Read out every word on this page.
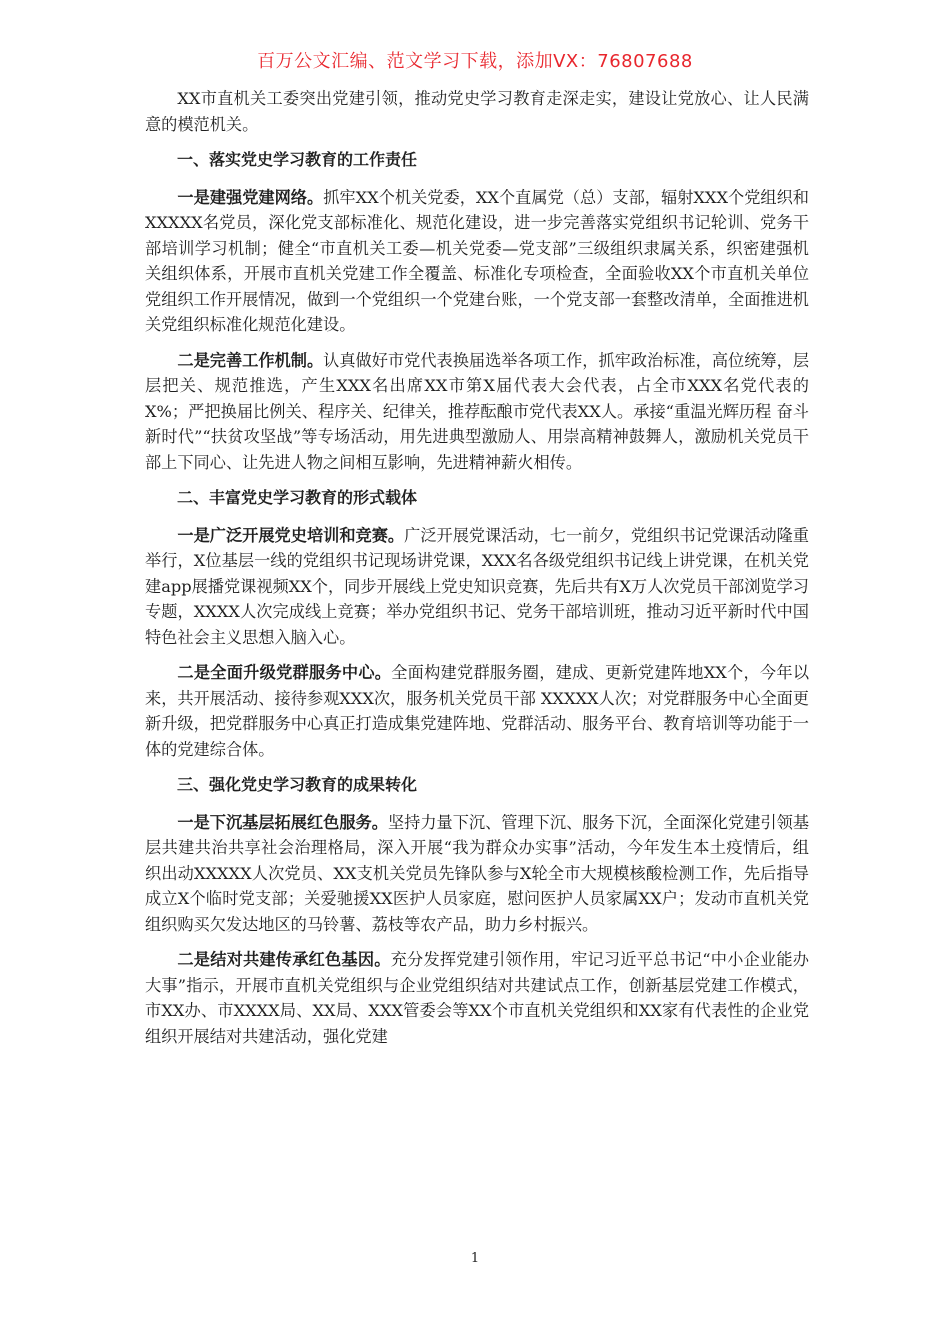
百万公文汇编、范文学习下载，添加VX：76807688

XX市直机关工委突出党建引领，推动党史学习教育走深走实，建设让党放心、让人民满意的模范机关。

一、落实党史学习教育的工作责任

一是建强党建网络。抓牢XX个机关党委，XX个直属党（总）支部，辐射XXX个党组织和XXXXX名党员，深化党支部标准化、规范化建设，进一步完善落实党组织书记轮训、党务干部培训学习机制；健全“市直机关工委—机关党委—党支部”三级组织隶属关系，织密建强机关组织体系，开展市直机关党建工作全覆盖、标准化专项检查，全面验收XX个市直机关单位党组织工作开展情况，做到一个党组织一个党建台账，一个党支部一套整改清单，全面推进机关党组织标准化规范化建设。

二是完善工作机制。认真做好市党代表换届选举各项工作，抓牢政治标准，高位统筹，层层把关、规范推选，产生XXX名出席XX市第X届代表大会代表，占全市XXX名党代表的X%；严把换届比例关、程序关、纪律关，推荐酝酿市党代表XX人。承接“重温光辉历程 奋斗新时代”“扶贫攻坚战”等专场活动，用先进典型激励人、用崇高精神鼓舞人，激励机关党员干部上下同心、让先进人物之间相互影响，先进精神薪火相传。

二、丰富党史学习教育的形式载体

一是广泛开展党史培训和竞赛。广泛开展党课活动，七一前夕，党组织书记党课活动隆重举行，X位基层一线的党组织书记现场讲党课，XXX名各级党组织书记线上讲党课，在机关党建app展播党课视频XX个，同步开展线上党史知识竞赛，先后共有X万人次党员干部浏览学习专题，XXXX人次完成线上竞赛；举办党组织书记、党务干部培训班，推动习近平新时代中国特色社会主义思想入脑入心。

二是全面升级党群服务中心。全面构建党群服务圈，建成、更新党建阵地XX个，今年以来，共开展活动、接待参观XXX次，服务机关党员干部 XXXXX人次；对党群服务中心全面更新升级，把党群服务中心真正打造成集党建阵地、党群活动、服务平台、教育培训等功能于一体的党建综合体。

三、强化党史学习教育的成果转化

一是下沉基层拓展红色服务。坚持力量下沉、管理下沉、服务下沉，全面深化党建引领基层共建共治共享社会治理格局，深入开展“我为群众办实事”活动，今年发生本土疫情后，组织出动XXXXX人次党员、XX支机关党员先锋队参与X轮全市大规模核酸检测工作，先后指导成立X个临时党支部；关爱驰援XX医护人员家庭，慰问医护人员家属XX户；发动市直机关党组织购买欠发达地区的马铃薯、荔枝等农产品，助力乡村振兴。

二是结对共建传承红色基因。充分发挥党建引领作用，牢记习近平总书记“中小企业能办大事”指示，开展市直机关党组织与企业党组织结对共建试点工作，创新基层党建工作模式，市XX办、市XXXX局、XX局、XXX管委会等XX个市直机关党组织和XX家有代表性的企业党组织开展结对共建活动，强化党建

1
